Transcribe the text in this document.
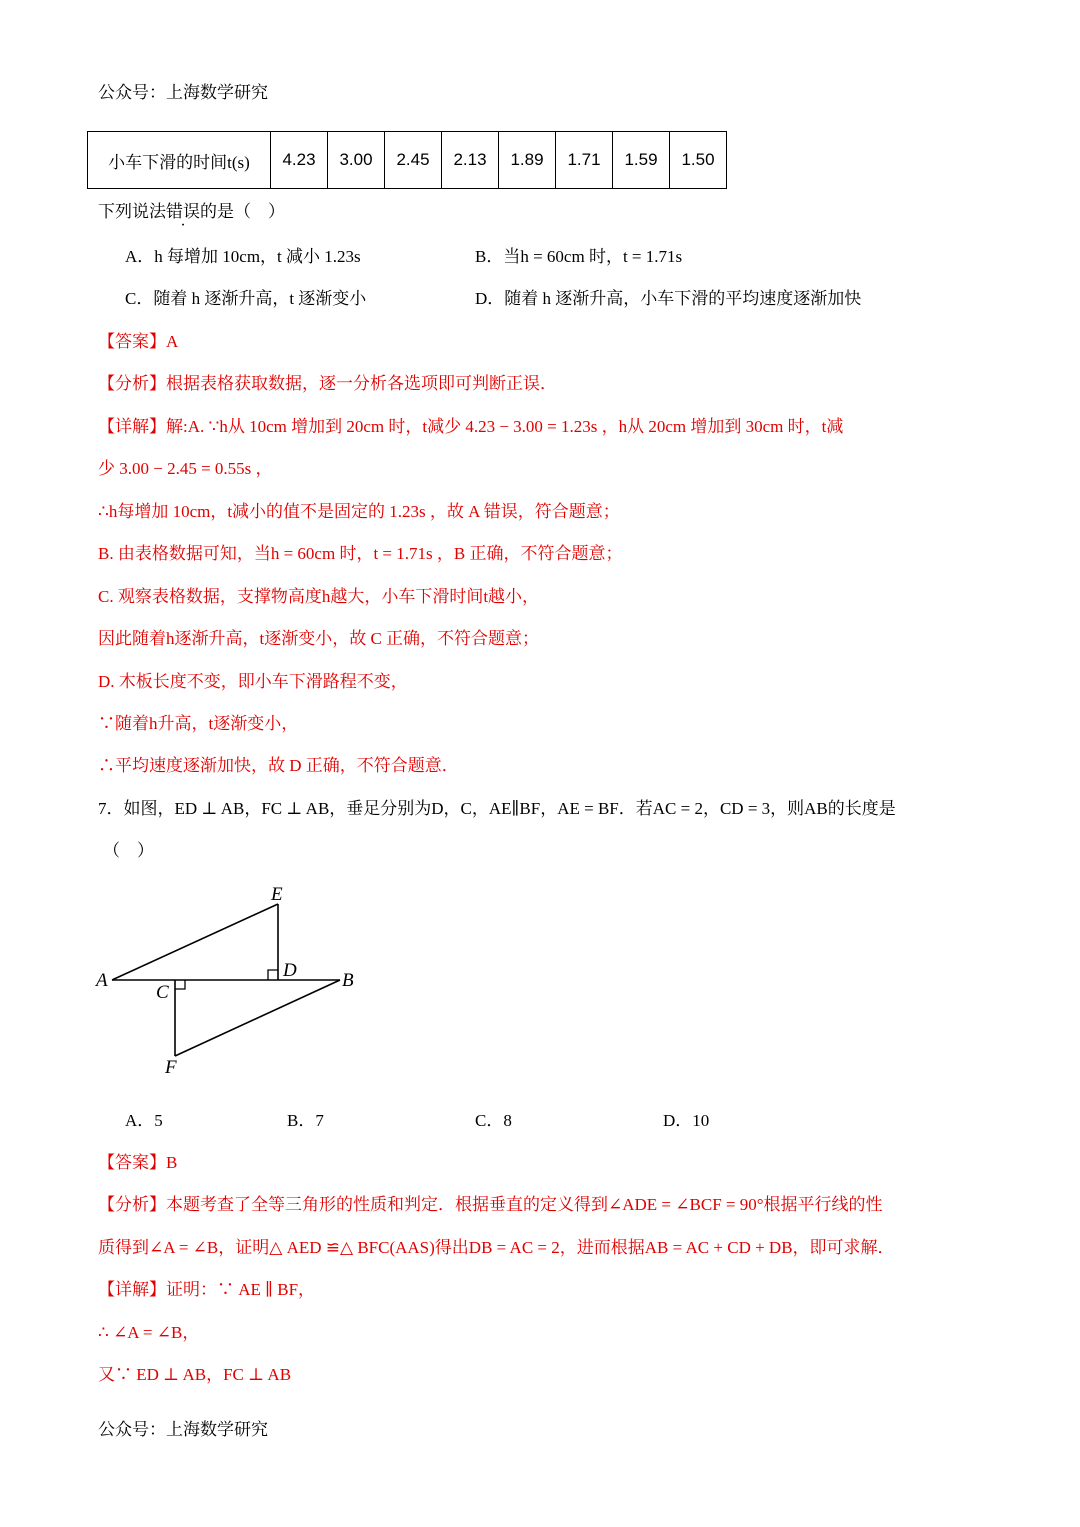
公众号：上海数学研究
小车下滑的时间t(s)	4.23	3.00	2.45	2.13	1.89	1.71	1.59	1.50
下列说法错误的是（　）
A．h 每增加 10cm，t 减小 1.23s	B．当h = 60cm 时，t = 1.71s
C．随着 h 逐渐升高，t 逐渐变小	D．随着 h 逐渐升高，小车下滑的平均速度逐渐加快
【答案】A
【分析】根据表格获取数据，逐一分析各选项即可判断正误．
【详解】解:A. ∵h从 10cm 增加到 20cm 时，t减少 4.23 − 3.00 = 1.23s ，h从 20cm 增加到 30cm 时，t减
少 3.00 − 2.45 = 0.55s ，
∴h每增加 10cm，t减小的值不是固定的 1.23s ，故 A 错误，符合题意；
B. 由表格数据可知，当h = 60cm 时，t = 1.71s ，B 正确，不符合题意；
C. 观察表格数据，支撑物高度h越大，小车下滑时间t越小，
因此随着h逐渐升高，t逐渐变小，故 C 正确，不符合题意；
D. 木板长度不变，即小车下滑路程不变，
∵随着h升高，t逐渐变小，
∴平均速度逐渐加快，故 D 正确，不符合题意．
7．如图，ED ⊥ AB，FC ⊥ AB，垂足分别为D，C，AE∥BF，AE = BF．若AC = 2，CD = 3，则AB的长度是
（　）
A	B
C
D
E
F
A．5	B．7	C．8	D．10
【答案】B
【分析】本题考查了全等三角形的性质和判定．根据垂直的定义得到∠ADE = ∠BCF = 90°根据平行线的性
质得到∠A = ∠B，证明△ AED ≌△ BFC(AAS)得出DB = AC = 2，进而根据AB = AC + CD + DB，即可求解．
【详解】证明：∵ AE ∥ BF，
∴ ∠A = ∠B，
又∵ ED ⊥ AB，FC ⊥ AB
公众号：上海数学研究
